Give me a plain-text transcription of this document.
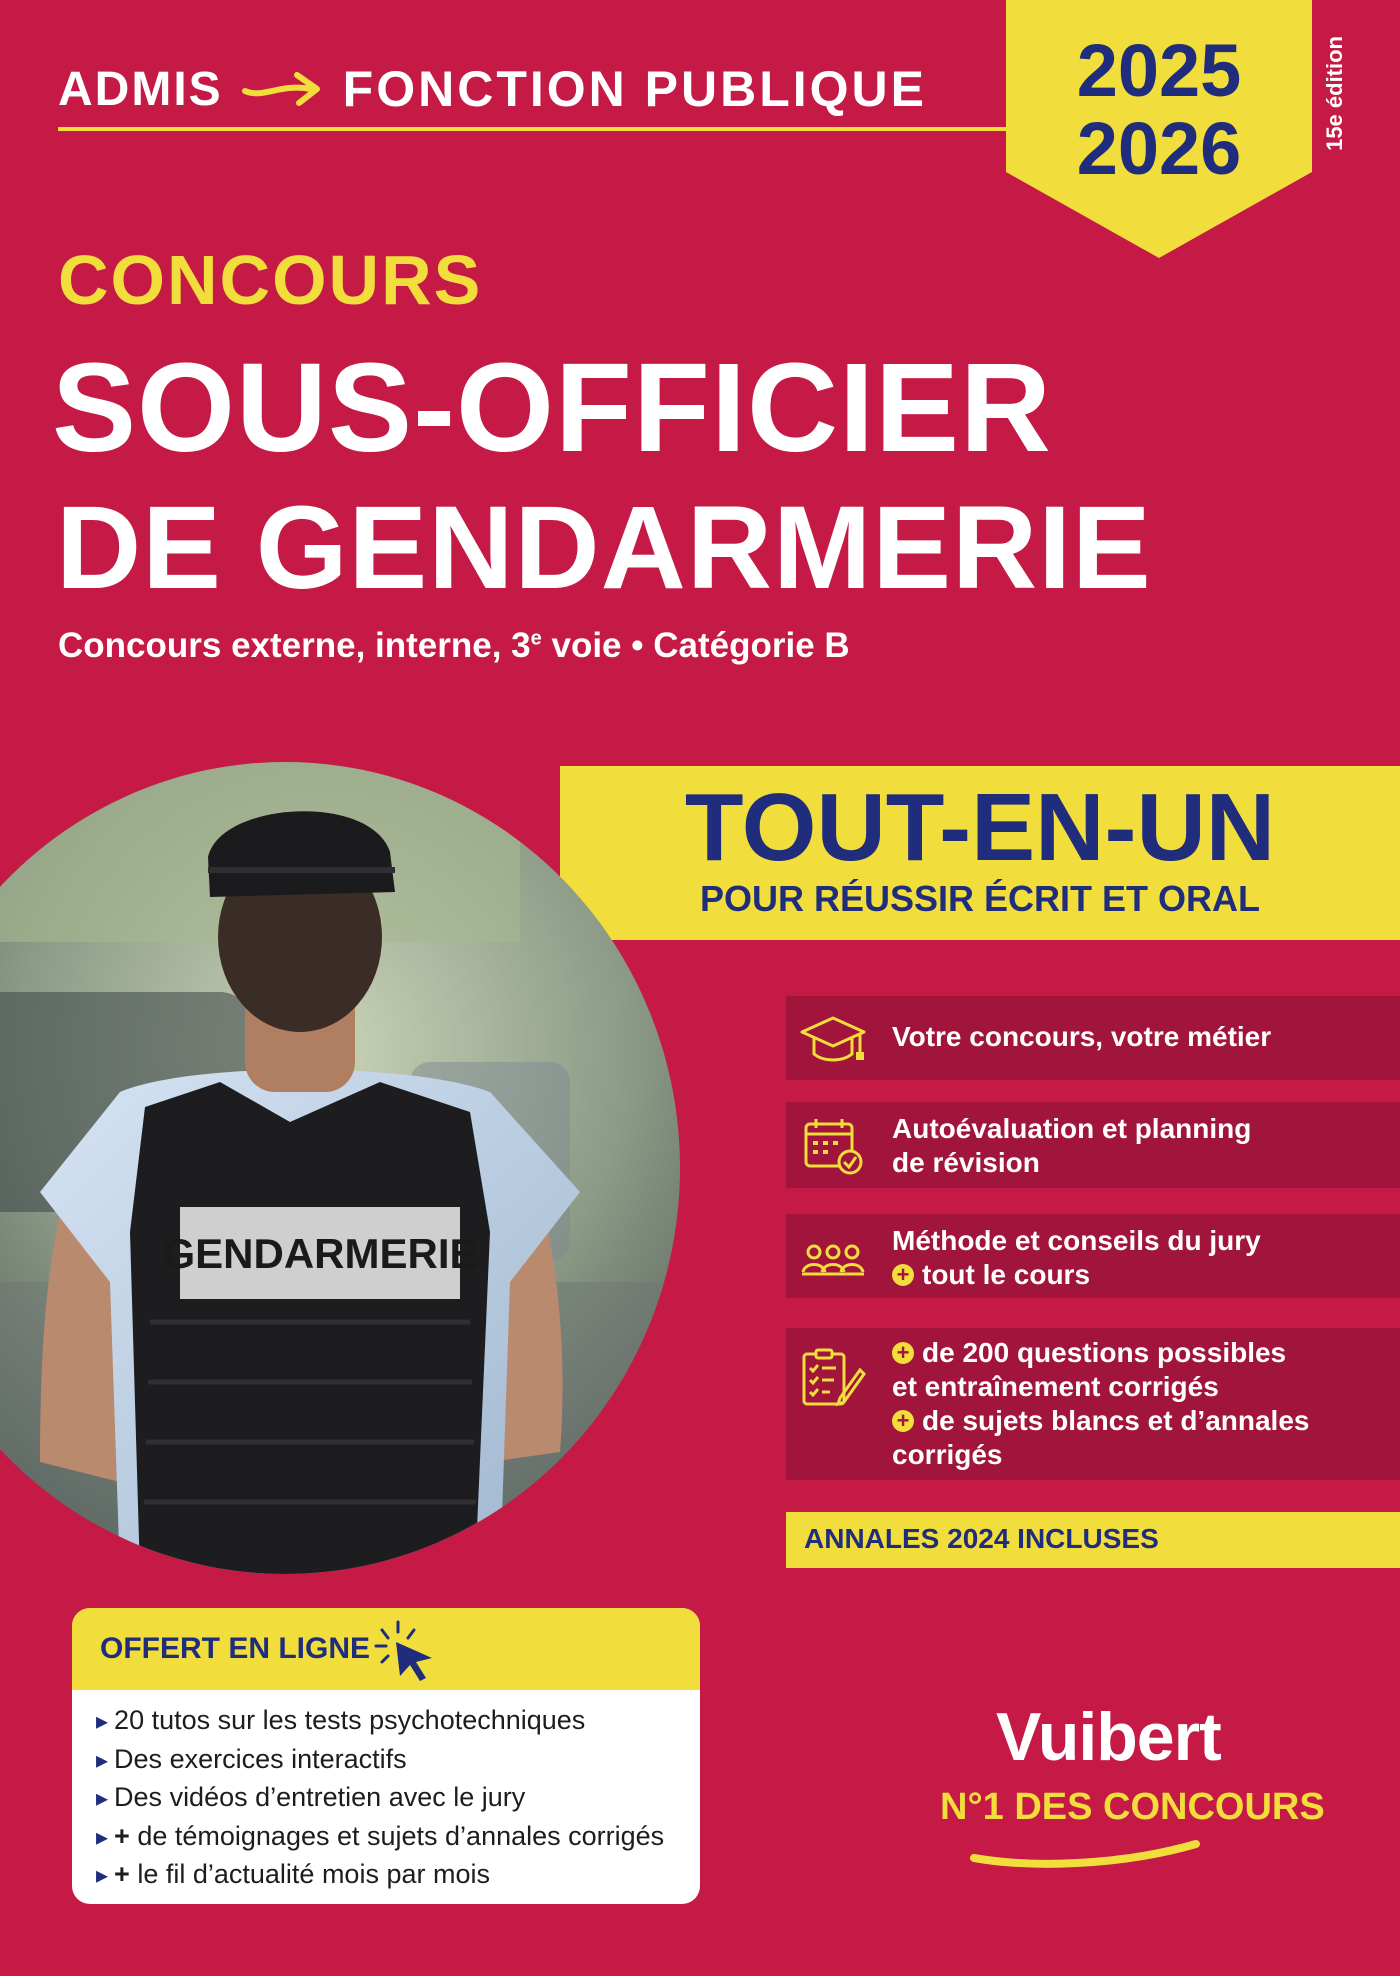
ADMIS FONCTION PUBLIQUE	2025
2026	15e édition
CONCOURS
SOUS-OFFICIER
DE GENDARMERIE
Concours externe, interne, 3e voie • Catégorie B
TOUT-EN-UN
POUR RÉUSSIR ÉCRIT ET ORAL
GENDARMERIE
Votre concours, votre métier
Autoévaluation et planning
de révision
Méthode et conseils du jury
+ tout le cours
+ de 200 questions possibles
et entraînement corrigés
+ de sujets blancs et d’annales
corrigés
ANNALES 2024 INCLUSES
OFFERT EN LIGNE
▸ 20 tutos sur les tests psychotechniques
▸ Des exercices interactifs
▸ Des vidéos d’entretien avec le jury
▸ + de témoignages et sujets d’annales corrigés
▸ + le fil d’actualité mois par mois
Vuibert
N°1 DES CONCOURS
